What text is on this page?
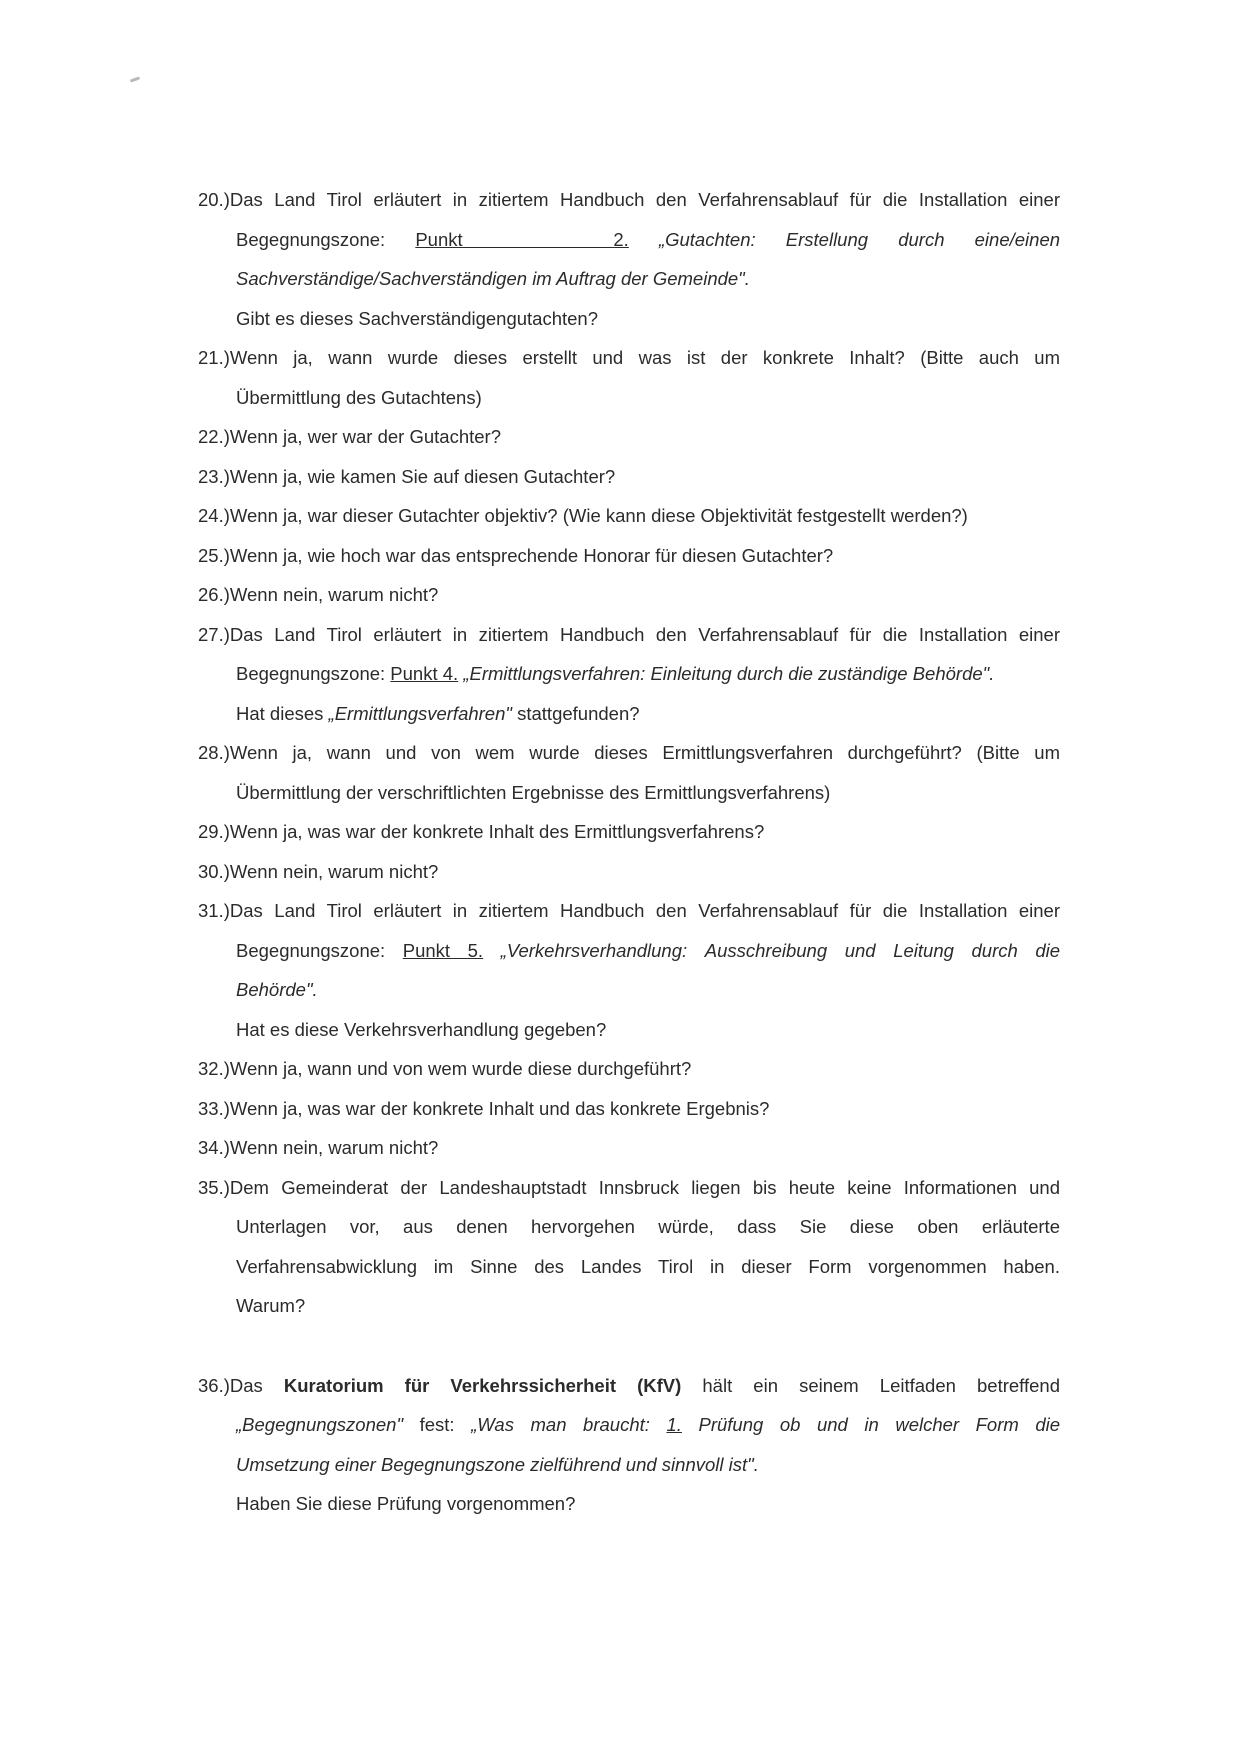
20.)Das Land Tirol erläutert in zitiertem Handbuch den Verfahrensablauf für die Installation einer
Begegnungszone: Punkt     2. „Gutachten: Erstellung durch eine/einen
Sachverständige/Sachverständigen im Auftrag der Gemeinde".
Gibt es dieses Sachverständigengutachten?
21.)Wenn ja, wann wurde dieses erstellt und was ist der konkrete Inhalt? (Bitte auch um
Übermittlung des Gutachtens)
22.)Wenn ja, wer war der Gutachter?
23.)Wenn ja, wie kamen Sie auf diesen Gutachter?
24.)Wenn ja, war dieser Gutachter objektiv? (Wie kann diese Objektivität festgestellt werden?)
25.)Wenn ja, wie hoch war das entsprechende Honorar für diesen Gutachter?
26.)Wenn nein, warum nicht?
27.)Das Land Tirol erläutert in zitiertem Handbuch den Verfahrensablauf für die Installation einer
Begegnungszone: Punkt 4. „Ermittlungsverfahren: Einleitung durch die zuständige Behörde".
Hat dieses „Ermittlungsverfahren" stattgefunden?
28.)Wenn ja, wann und von wem wurde dieses Ermittlungsverfahren durchgeführt? (Bitte um
Übermittlung der verschriftlichten Ergebnisse des Ermittlungsverfahrens)
29.)Wenn ja, was war der konkrete Inhalt des Ermittlungsverfahrens?
30.)Wenn nein, warum nicht?
31.)Das Land Tirol erläutert in zitiertem Handbuch den Verfahrensablauf für die Installation einer
Begegnungszone: Punkt 5. „Verkehrsverhandlung: Ausschreibung und Leitung durch die
Behörde".
Hat es diese Verkehrsverhandlung gegeben?
32.)Wenn ja, wann und von wem wurde diese durchgeführt?
33.)Wenn ja, was war der konkrete Inhalt und das konkrete Ergebnis?
34.)Wenn nein, warum nicht?
35.)Dem Gemeinderat der Landeshauptstadt Innsbruck liegen bis heute keine Informationen und
Unterlagen vor, aus denen hervorgehen würde, dass Sie diese oben erläuterte
Verfahrensabwicklung im Sinne des Landes Tirol in dieser Form vorgenommen haben.
Warum?
36.)Das Kuratorium für Verkehrssicherheit (KfV) hält ein seinem Leitfaden betreffend
„Begegnungszonen" fest: „Was man braucht: 1. Prüfung ob und in welcher Form die
Umsetzung einer Begegnungszone zielführend und sinnvoll ist".
Haben Sie diese Prüfung vorgenommen?
